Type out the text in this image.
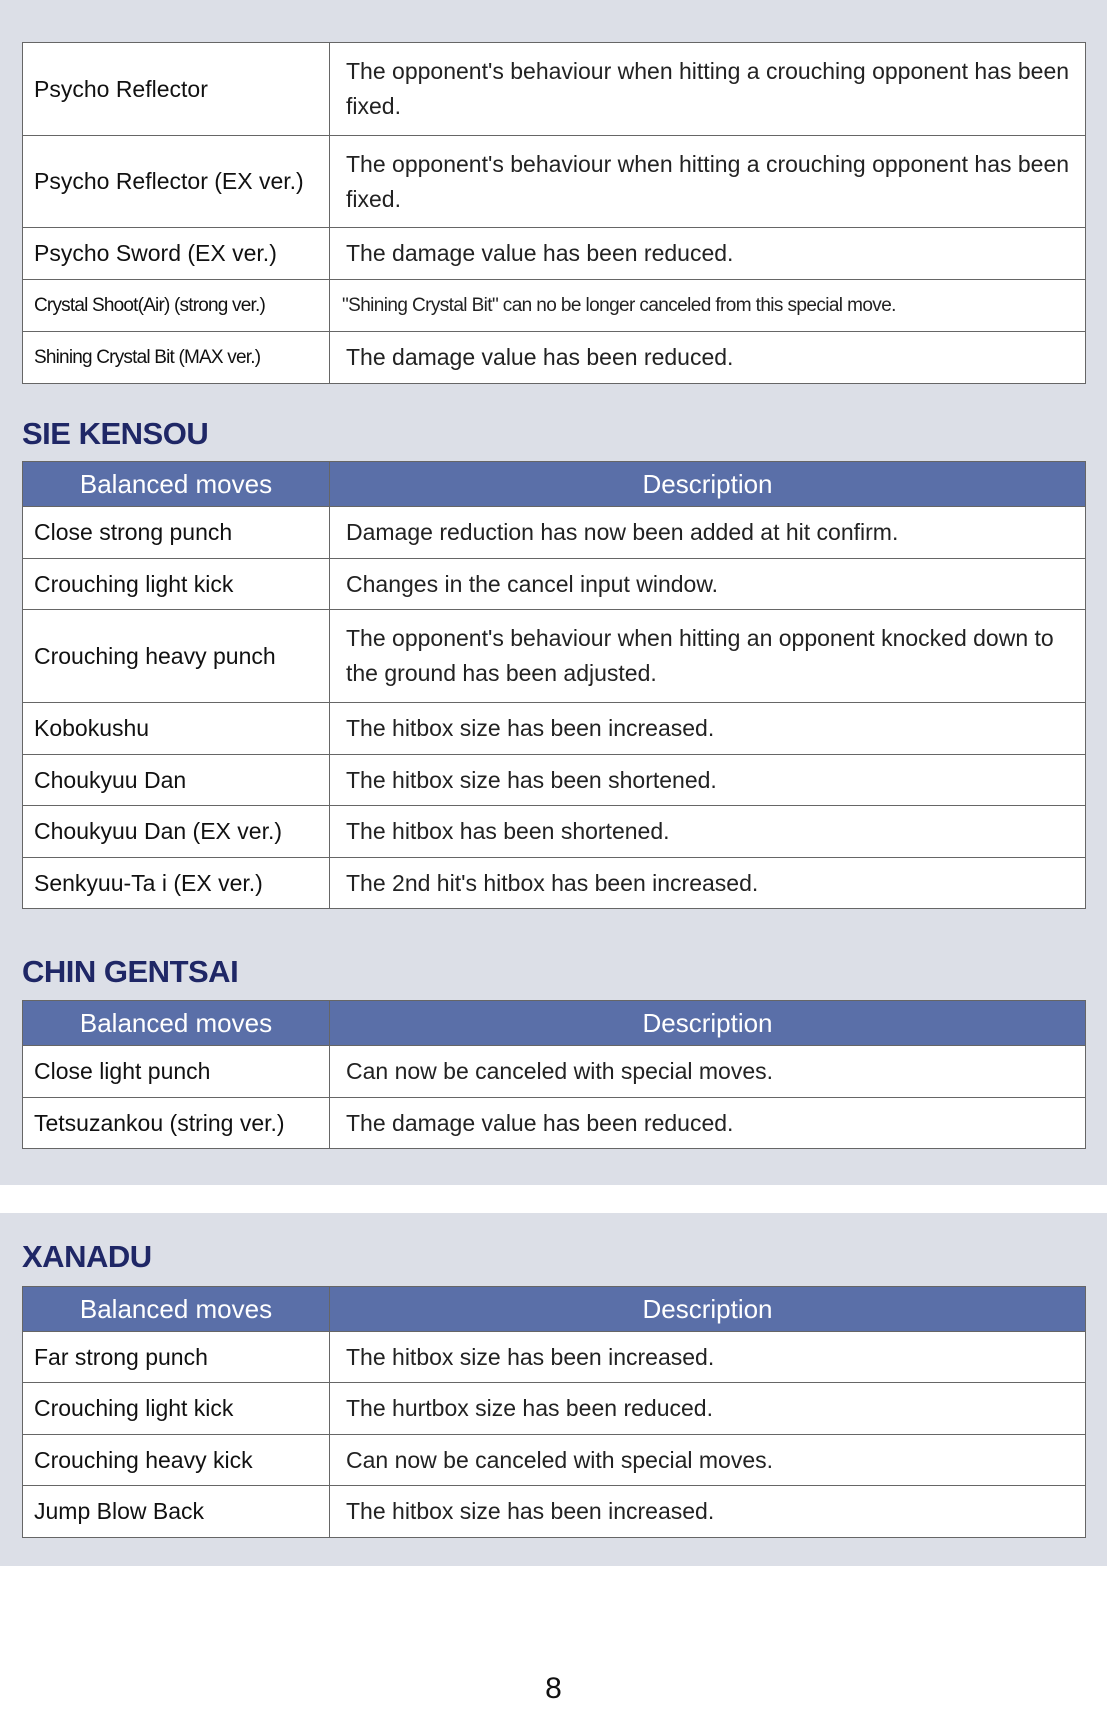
Psycho Reflector	The opponent's behaviour when hitting a crouching opponent has been fixed.
Psycho Reflector (EX ver.)	The opponent's behaviour when hitting a crouching opponent has been fixed.
Psycho Sword (EX ver.)	The damage value has been reduced.
Crystal Shoot(Air) (strong ver.)	"Shining Crystal Bit" can no be longer canceled from this special move.
Shining Crystal Bit (MAX ver.)	The damage value has been reduced.
SIE KENSOU
Balanced moves	Description
Close strong punch	Damage reduction has now been added at hit confirm.
Crouching light kick	Changes in the cancel input window.
Crouching heavy punch	The opponent's behaviour when hitting an opponent knocked down to the ground has been adjusted.
Kobokushu	The hitbox size has been increased.
Choukyuu Dan	The hitbox size has been shortened.
Choukyuu Dan (EX ver.)	The hitbox has been shortened.
Senkyuu-Ta i (EX ver.)	The 2nd hit's hitbox has been increased.
CHIN GENTSAI
Balanced moves	Description
Close light punch	Can now be canceled with special moves.
Tetsuzankou (string ver.)	The damage value has been reduced.
XANADU
Balanced moves	Description
Far strong punch	The hitbox size has been increased.
Crouching light kick	The hurtbox size has been reduced.
Crouching heavy kick	Can now be canceled with special moves.
Jump Blow Back	The hitbox size has been increased.
8
